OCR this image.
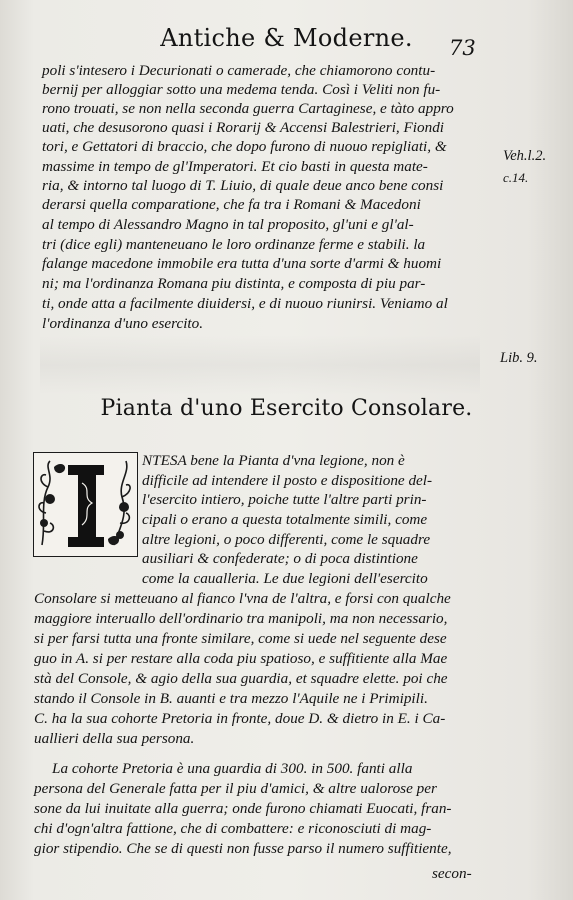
Antiche & Moderne.	73
poli s'intesero i Decurionati o camerade, che chiamorono contu-
bernij per alloggiar sotto una medema tenda. Così i Veliti non fu-
rono trouati, se non nella seconda guerra Cartaginese, e tàto appro
uati, che desusorono quasi i Rorarij & Accensi Balestrieri, Fiondi
tori, e Gettatori di braccio, che dopo furono di nuouo repigliati, &
massime in tempo de gl'Imperatori. Et cio basti in questa mate-
ria, & intorno tal luogo di T. Liuio, di quale deue anco bene consi
derarsi quella comparatione, che fa tra i Romani & Macedoni
al tempo di Alessandro Magno in tal proposito, gl'uni e gl'al-
tri (dice egli) manteneuano le loro ordinanze ferme e stabili. la
falange macedone immobile era tutta d'una sorte d'armi & huomi
ni; ma l'ordinanza Romana piu distinta, e composta di piu par-
ti, onde atta a facilmente diuidersi, e di nuouo riunirsi. Veniamo al
l'ordinanza d'uno esercito.
Veh.l.2.
c.14.
Lib. 9.
Pianta d'uno Esercito Consolare.
NTESA bene la Pianta d'vna legione, non è
difficile ad intendere il posto e dispositione del-
l'esercito intiero, poiche tutte l'altre parti prin-
cipali o erano a questa totalmente simili, come
altre legioni, o poco differenti, come le squadre
ausiliari & confederate; o di poca distintione
come la caualleria. Le due legioni dell'esercito
Consolare si metteuano al fianco l'vna de l'altra, e forsi con qualche
maggiore interuallo dell'ordinario tra manipoli, ma non necessario,
si per farsi tutta una fronte similare, come si uede nel seguente dese
guo in A. si per restare alla coda piu spatioso, e suffitiente alla Mae
stà del Console, & agio della sua guardia, et squadre elette. poi che
stando il Console in B. auanti e tra mezzo l'Aquile ne i Primipili.
C. ha la sua cohorte Pretoria in fronte, doue D. & dietro in E. i Ca-
uallieri della sua persona.
La cohorte Pretoria è una guardia di 300. in 500. fanti alla
persona del Generale fatta per il piu d'amici, & altre ualorose per
sone da lui inuitate alla guerra; onde furono chiamati Euocati, fran-
chi d'ogn'altra fattione, che di combattere: e riconosciuti di mag-
gior stipendio. Che se di questi non fusse parso il numero suffitiente,
secon-
